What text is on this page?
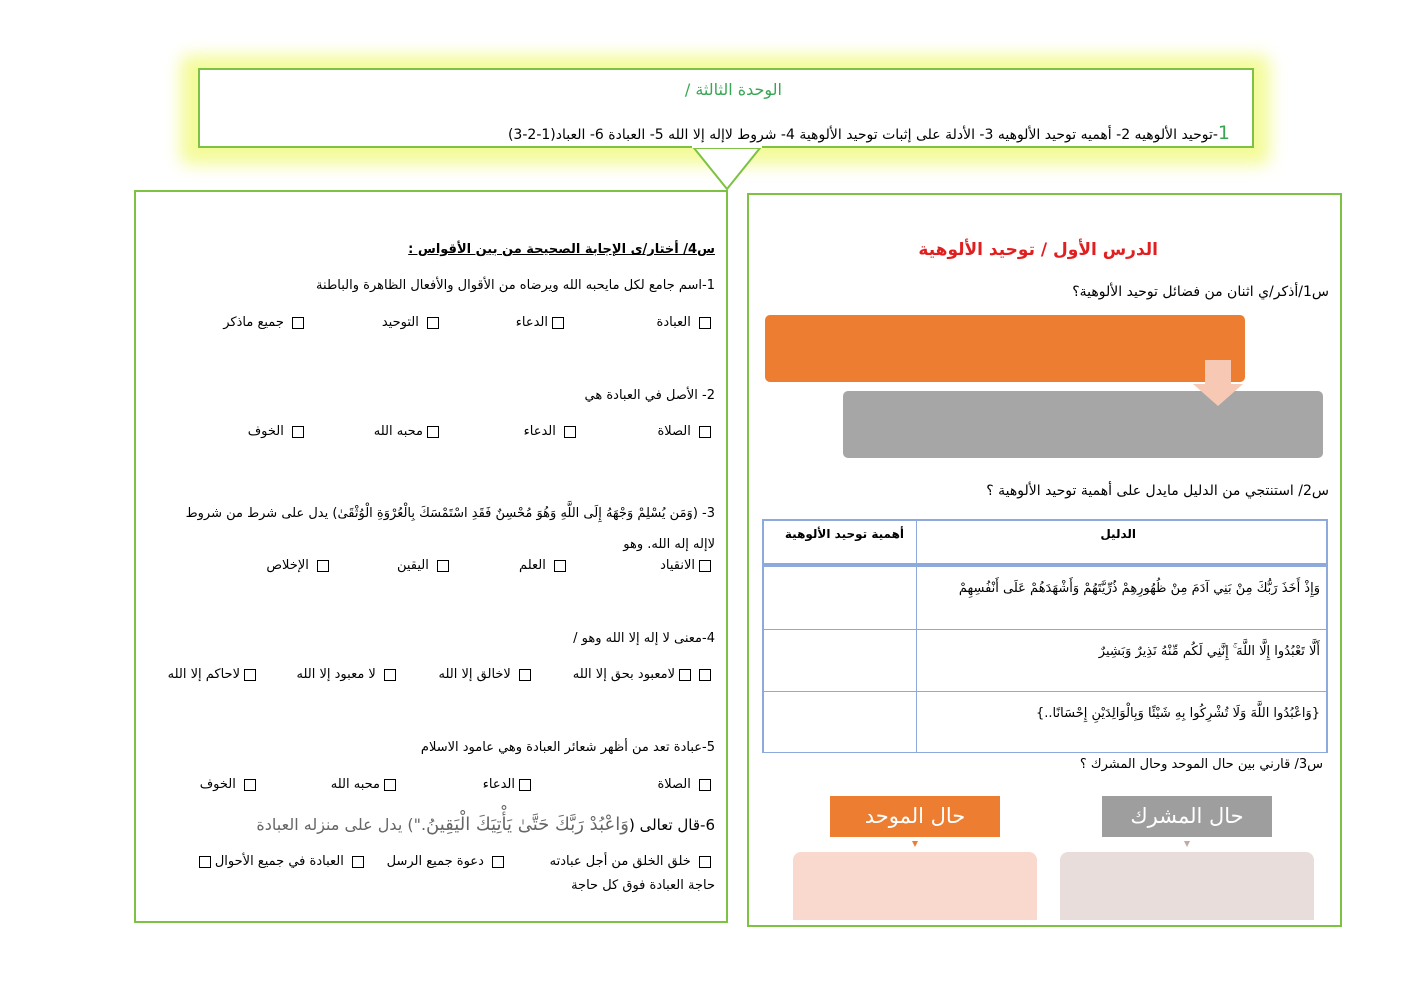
الوحدة الثالثة /
1-توحيد الألوهيه 2- أهميه توحيد الألوهيه 3- الأدلة على إثبات توحيد الألوهية 4- شروط لاإله إلا الله 5- العبادة 6- العباد(1-2-3)
س4/ أختار/ى الإجابة الصحيحة من بين الأقواس :
1-اسم جامع لكل مايحبه الله ويرضاه من الأقوال والأفعال الظاهرة والباطنة
العبادة
الدعاء
التوحيد
جميع ماذكر
2- الأصل في العبادة هي
الصلاة
الدعاء
محبه الله
الخوف
3- (وَمَن يُسْلِمْ وَجْهَهُ إِلَى اللَّهِ وَهُوَ مُحْسِنٌ فَقَدِ اسْتَمْسَكَ بِالْعُرْوَةِ الْوُثْقَىٰ) يدل على شرط من شروط
لاإله إله الله. وهو
الانقياد
العلم
اليقين
الإخلاص
4-معنى لا إله إلا الله وهو /
لامعبود بحق إلا الله
لاخالق إلا الله
لا معبود إلا الله
لاحاكم إلا الله
5-عبادة تعد من أظهر شعائر العبادة وهي عامود الاسلام
الصلاة
الدعاء
محبه الله
الخوف
6-قال تعالى (وَاعْبُدْ رَبَّكَ حَتَّىٰ يَأْتِيَكَ الْيَقِينُ.") يدل على منزله العبادة
خلق الخلق من أجل عبادته
دعوة جميع الرسل
العبادة في جميع الأحوال
حاجة العبادة فوق كل حاجة
الدرس الأول / توحيد الألوهية
س1/أذكر/ي اثنان من فضائل توحيد الألوهية؟
س2/ استنتجي من الدليل مايدل على أهمية توحيد الألوهية ؟
الدليل
أهمية توحيد الألوهية
وَإِذْ أَخَذَ رَبُّكَ مِنْ بَنِي آدَمَ مِنْ ظُهُورِهِمْ ذُرِّيَّتَهُمْ وَأَشْهَدَهُمْ عَلَى أَنْفُسِهِمْ
أَلَّا تَعْبُدُوا إِلَّا اللَّهَ ۚ إِنَّنِي لَكُم مِّنْهُ نَذِيرٌ وَبَشِيرٌ
{وَاعْبُدُوا اللَّهَ وَلَا تُشْرِكُوا بِهِ شَيْئًا وَبِالْوَالِدَيْنِ إِحْسَانًا..}
س3/ قارني بين حال الموحد وحال المشرك ؟
حال المشرك
حال الموحد
